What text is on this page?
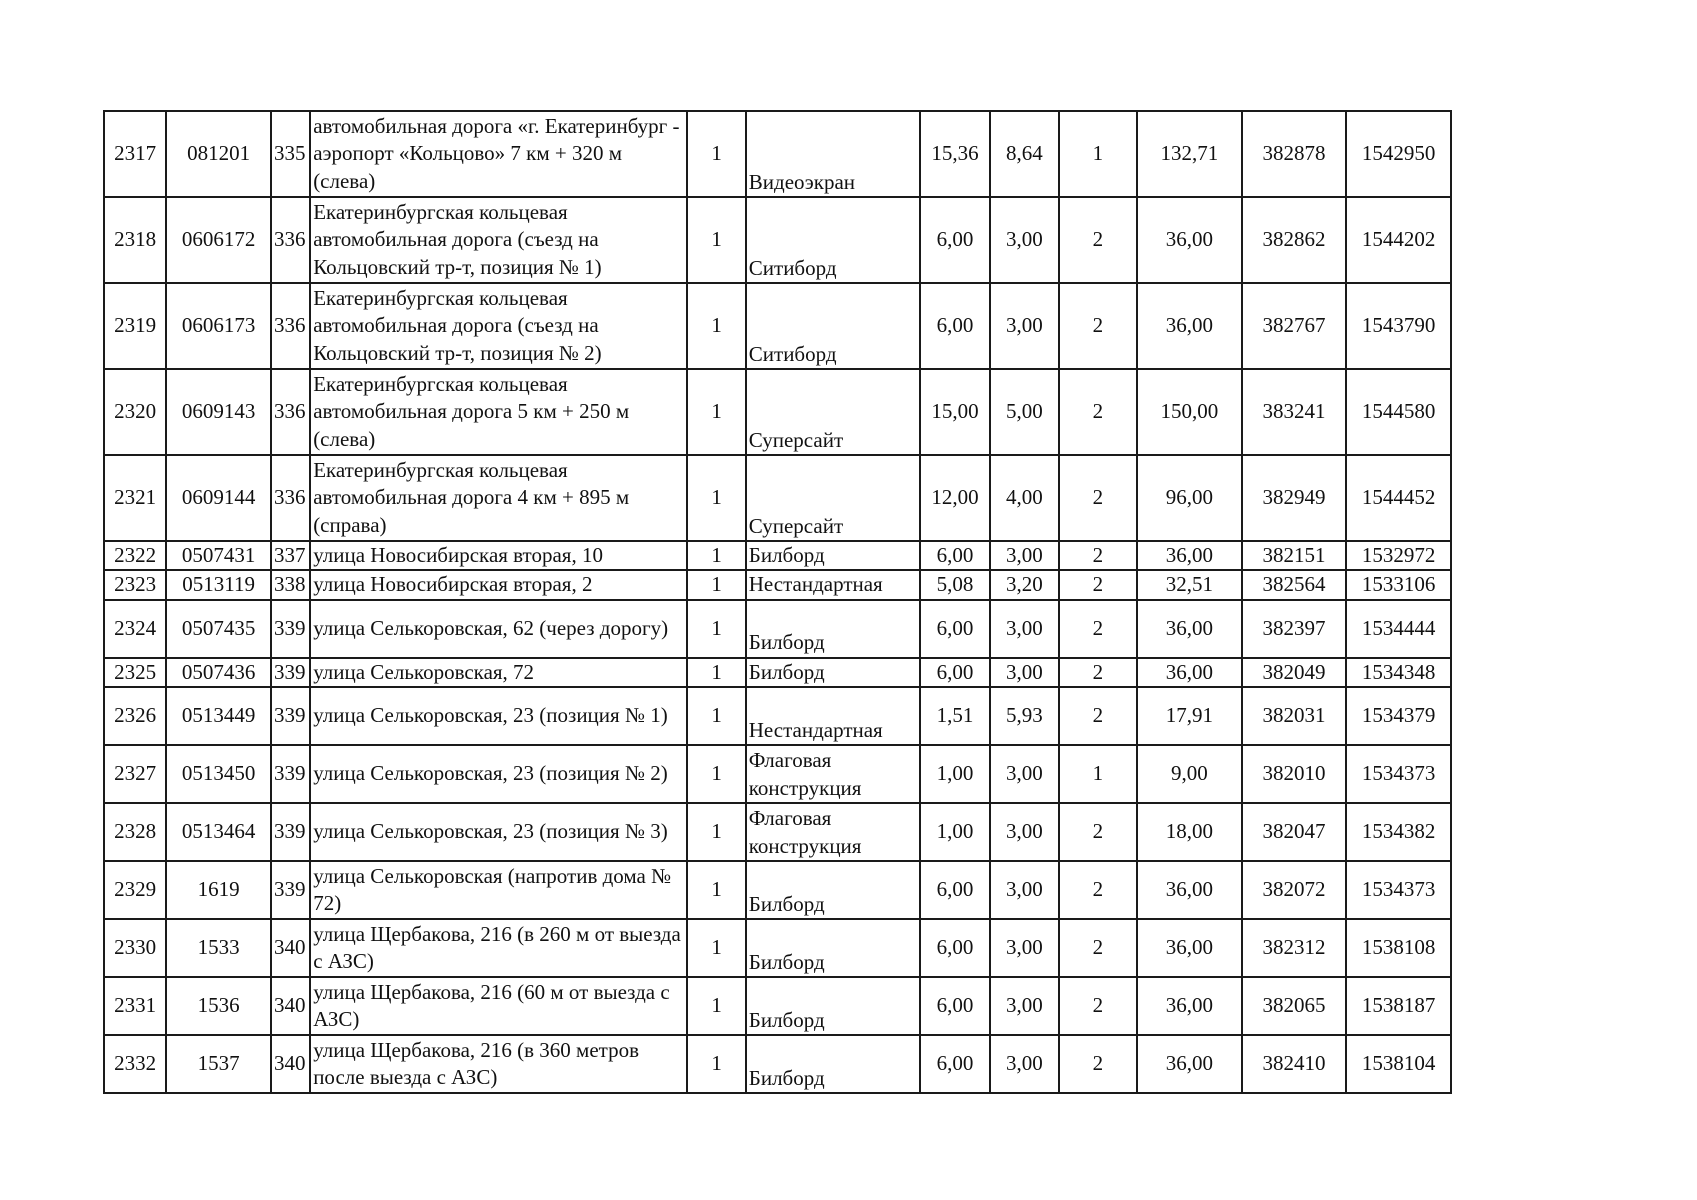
2317	081201	335	автомобильная дорога «г. Екатеринбург - аэропорт «Кольцово» 7 км + 320 м (слева)	1	Видеоэкран	15,36	8,64	1	132,71	382878	1542950
2318	0606172	336	Екатеринбургская кольцевая автомобильная дорога (съезд на Кольцовский тр-т, позиция № 1)	1	Ситиборд	6,00	3,00	2	36,00	382862	1544202
2319	0606173	336	Екатеринбургская кольцевая автомобильная дорога (съезд на Кольцовский тр-т, позиция № 2)	1	Ситиборд	6,00	3,00	2	36,00	382767	1543790
2320	0609143	336	Екатеринбургская кольцевая автомобильная дорога 5 км + 250 м (слева)	1	Суперсайт	15,00	5,00	2	150,00	383241	1544580
2321	0609144	336	Екатеринбургская кольцевая автомобильная дорога 4 км + 895 м (справа)	1	Суперсайт	12,00	4,00	2	96,00	382949	1544452
2322	0507431	337	улица Новосибирская вторая, 10	1	Билборд	6,00	3,00	2	36,00	382151	1532972
2323	0513119	338	улица Новосибирская вторая, 2	1	Нестандартная	5,08	3,20	2	32,51	382564	1533106
2324	0507435	339	улица Селькоровская, 62 (через дорогу)	1	Билборд	6,00	3,00	2	36,00	382397	1534444
2325	0507436	339	улица Селькоровская, 72	1	Билборд	6,00	3,00	2	36,00	382049	1534348
2326	0513449	339	улица Селькоровская, 23 (позиция № 1)	1	Нестандартная	1,51	5,93	2	17,91	382031	1534379
2327	0513450	339	улица Селькоровская, 23 (позиция № 2)	1	Флаговая конструкция	1,00	3,00	1	9,00	382010	1534373
2328	0513464	339	улица Селькоровская, 23 (позиция № 3)	1	Флаговая конструкция	1,00	3,00	2	18,00	382047	1534382
2329	1619	339	улица Селькоровская (напротив дома № 72)	1	Билборд	6,00	3,00	2	36,00	382072	1534373
2330	1533	340	улица Щербакова, 216 (в 260 м от выезда с АЗС)	1	Билборд	6,00	3,00	2	36,00	382312	1538108
2331	1536	340	улица Щербакова, 216 (60 м от выезда с АЗС)	1	Билборд	6,00	3,00	2	36,00	382065	1538187
2332	1537	340	улица Щербакова, 216 (в 360 метров после выезда с АЗС)	1	Билборд	6,00	3,00	2	36,00	382410	1538104
